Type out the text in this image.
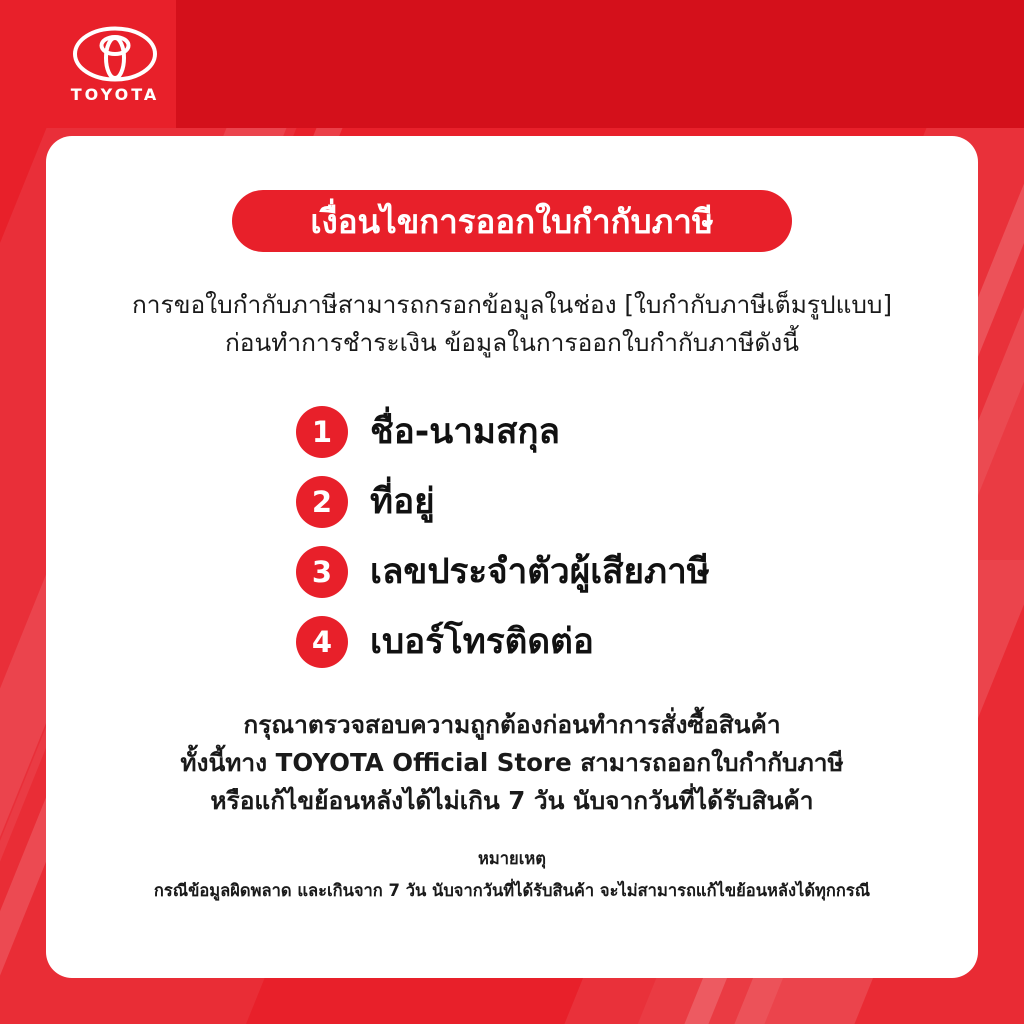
TOYOTA
เงื่อนไขการออกใบกำกับภาษี
การขอใบกำกับภาษีสามารถกรอกข้อมูลในช่อง [ใบกำกับภาษีเต็มรูปแบบ]
ก่อนทำการชำระเงิน ข้อมูลในการออกใบกำกับภาษีดังนี้
1	ชื่อ-นามสกุล
2	ที่อยู่
3	เลขประจำตัวผู้เสียภาษี
4	เบอร์โทรติดต่อ
กรุณาตรวจสอบความถูกต้องก่อนทำการสั่งซื้อสินค้า
ทั้งนี้ทาง TOYOTA Official Store สามารถออกใบกำกับภาษี
หรือแก้ไขย้อนหลังได้ไม่เกิน 7 วัน นับจากวันที่ได้รับสินค้า
หมายเหตุ
กรณีข้อมูลผิดพลาด และเกินจาก 7 วัน นับจากวันที่ได้รับสินค้า จะไม่สามารถแก้ไขย้อนหลังได้ทุกกรณี
